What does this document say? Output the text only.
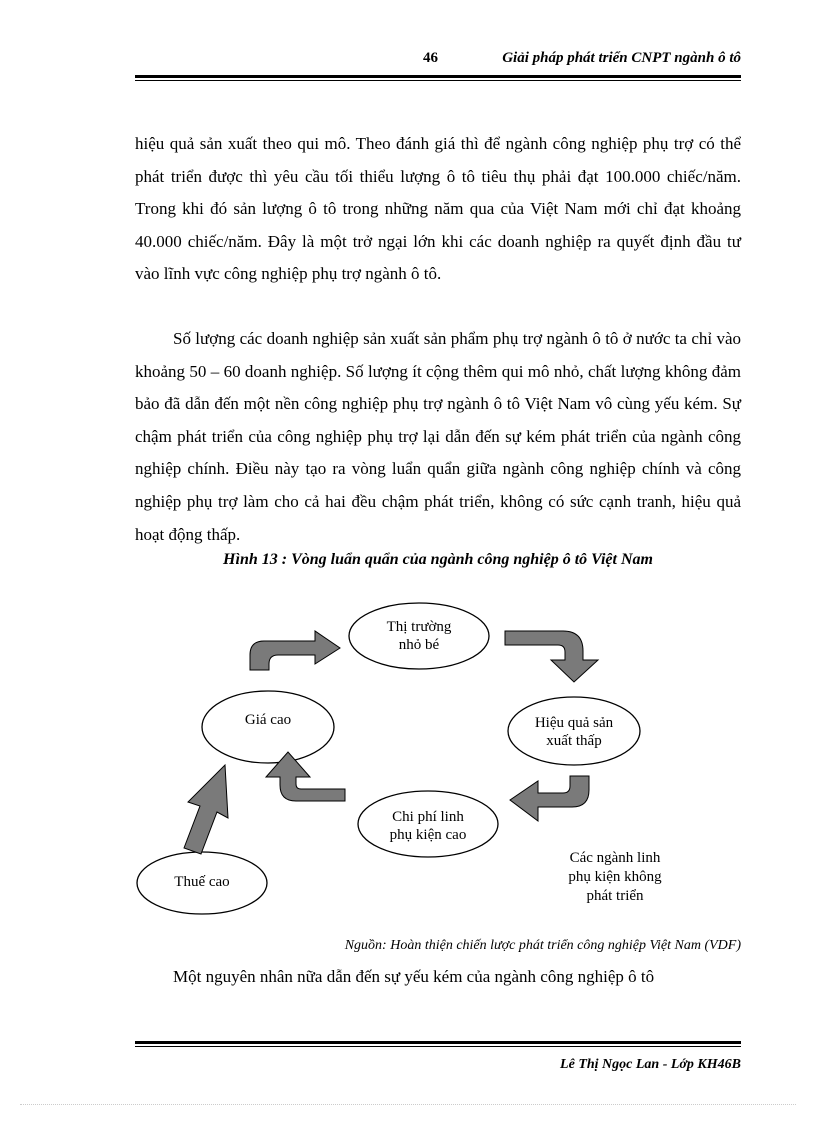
46	Giải pháp phát triển CNPT ngành ô tô

hiệu quả sản xuất theo qui mô. Theo đánh giá thì để ngành công nghiệp phụ trợ có thể phát triển được thì yêu cầu tối thiểu lượng ô tô tiêu thụ phải đạt 100.000 chiếc/năm. Trong khi đó sản lượng ô tô trong những năm qua của Việt Nam mới chỉ đạt khoảng 40.000 chiếc/năm. Đây là một trở ngại lớn khi các doanh nghiệp ra quyết định đầu tư vào lĩnh vực công nghiệp phụ trợ ngành ô tô.

Số lượng các doanh nghiệp sản xuất sản phẩm phụ trợ ngành ô tô ở nước ta chỉ vào khoảng 50 – 60 doanh nghiệp. Số lượng ít cộng thêm qui mô nhỏ, chất lượng không đảm bảo đã dẫn đến một nền công nghiệp phụ trợ ngành ô tô Việt Nam vô cùng yếu kém. Sự chậm phát triển của công nghiệp phụ trợ lại dẫn đến sự kém phát triển của ngành công nghiệp chính. Điều này tạo ra vòng luẩn quẩn giữa ngành công nghiệp chính và công nghiệp phụ trợ làm cho cả hai đều chậm phát triển, không có sức cạnh tranh, hiệu quả hoạt động thấp.

Hình 13 : Vòng luẩn quẩn của ngành công nghiệp ô tô Việt Nam
Thị trường
nhỏ bé
Hiệu quả sản
xuất thấp
Chi phí linh
phụ kiện cao
Giá cao
Thuế cao
Các ngành linh
phụ kiện không
phát triển
Nguồn: Hoàn thiện chiến lược phát triển công nghiệp Việt Nam (VDF)
Một nguyên nhân nữa dẫn đến sự yếu kém của ngành công nghiệp ô tô
Lê Thị Ngọc Lan - Lớp KH46B
